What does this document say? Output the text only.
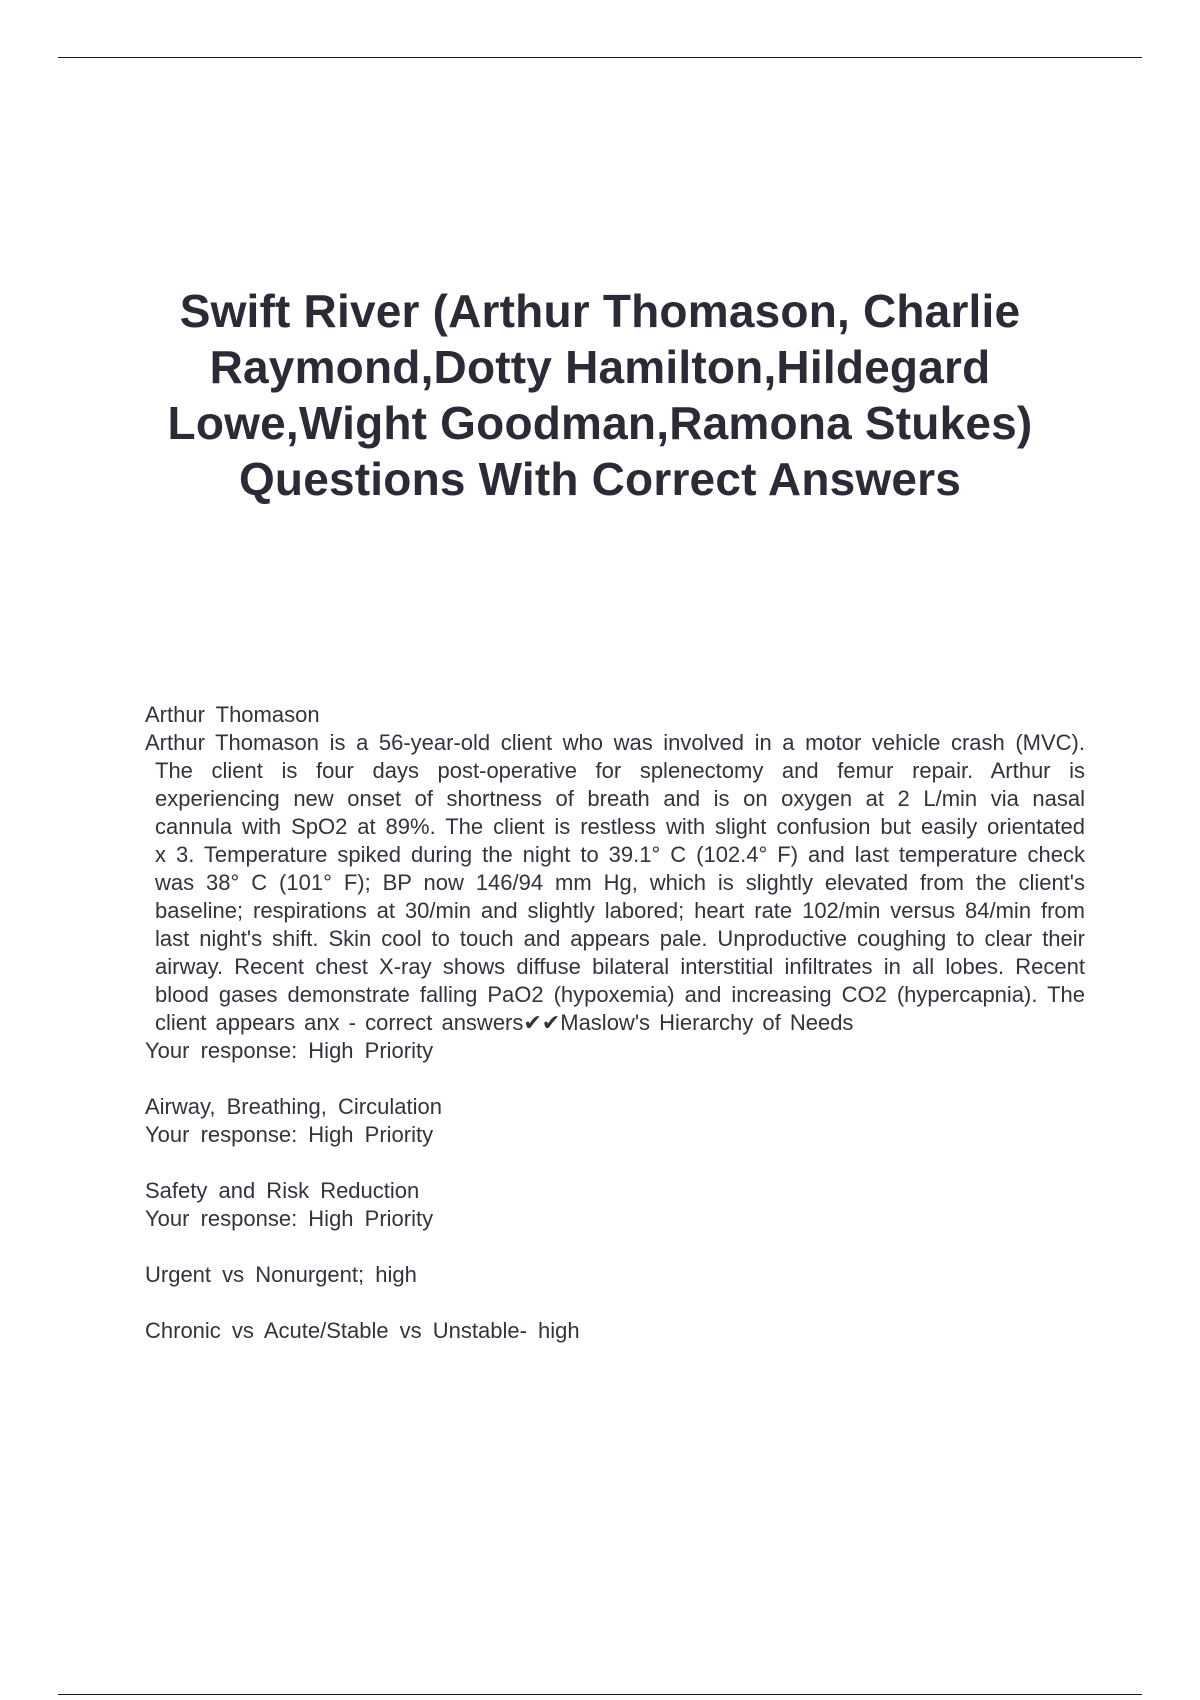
Swift River (Arthur Thomason, Charlie Raymond,Dotty Hamilton,Hildegard Lowe,Wight Goodman,Ramona Stukes) Questions With Correct Answers
Arthur Thomason
Arthur Thomason is a 56-year-old client who was involved in a motor vehicle crash (MVC). The client is four days post-operative for splenectomy and femur repair. Arthur is experiencing new onset of shortness of breath and is on oxygen at 2 L/min via nasal cannula with SpO2 at 89%. The client is restless with slight confusion but easily orientated x 3. Temperature spiked during the night to 39.1° C (102.4° F) and last temperature check was 38° C (101° F); BP now 146/94 mm Hg, which is slightly elevated from the client's baseline; respirations at 30/min and slightly labored; heart rate 102/min versus 84/min from last night's shift. Skin cool to touch and appears pale. Unproductive coughing to clear their airway. Recent chest X-ray shows diffuse bilateral interstitial infiltrates in all lobes. Recent blood gases demonstrate falling PaO2 (hypoxemia) and increasing CO2 (hypercapnia). The client appears anx - correct answers✔✔Maslow's Hierarchy of Needs
Your response: High Priority
Airway, Breathing, Circulation
Your response: High Priority
Safety and Risk Reduction
Your response: High Priority
Urgent vs Nonurgent; high
Chronic vs Acute/Stable vs Unstable- high
